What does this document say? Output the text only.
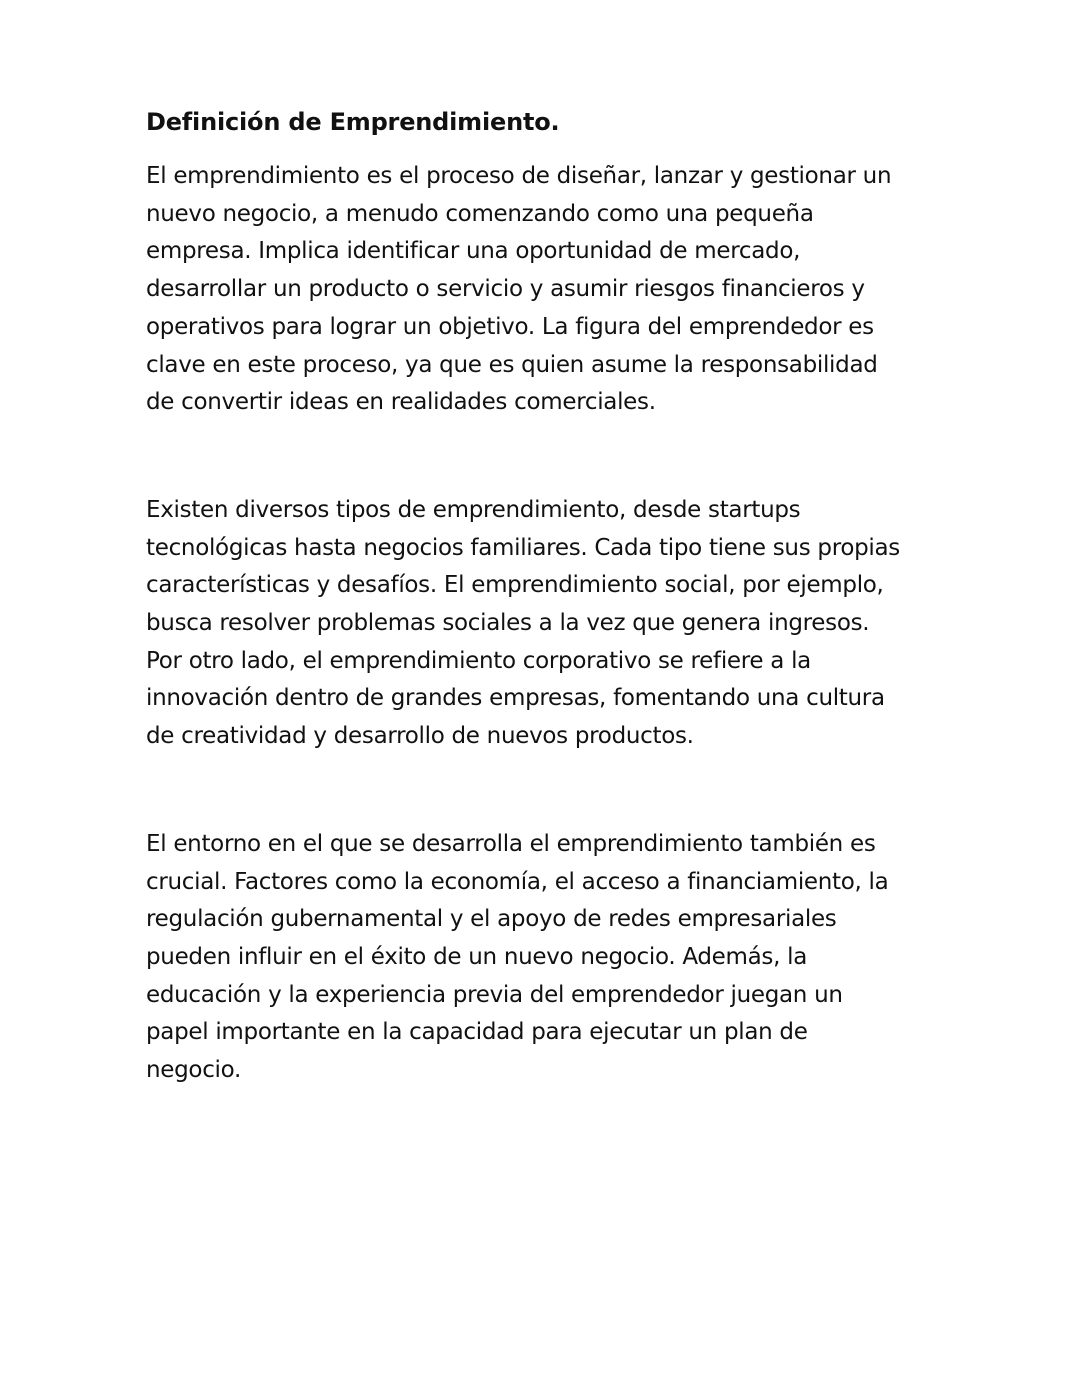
Definición de Emprendimiento.

El emprendimiento es el proceso de diseñar, lanzar y gestionar un nuevo negocio, a menudo comenzando como una pequeña empresa. Implica identificar una oportunidad de mercado, desarrollar un producto o servicio y asumir riesgos financieros y operativos para lograr un objetivo. La figura del emprendedor es clave en este proceso, ya que es quien asume la responsabilidad de convertir ideas en realidades comerciales.

Existen diversos tipos de emprendimiento, desde startups tecnológicas hasta negocios familiares. Cada tipo tiene sus propias características y desafíos. El emprendimiento social, por ejemplo, busca resolver problemas sociales a la vez que genera ingresos. Por otro lado, el emprendimiento corporativo se refiere a la innovación dentro de grandes empresas, fomentando una cultura de creatividad y desarrollo de nuevos productos.

El entorno en el que se desarrolla el emprendimiento también es crucial. Factores como la economía, el acceso a financiamiento, la regulación gubernamental y el apoyo de redes empresariales pueden influir en el éxito de un nuevo negocio. Además, la educación y la experiencia previa del emprendedor juegan un papel importante en la capacidad para ejecutar un plan de negocio.
